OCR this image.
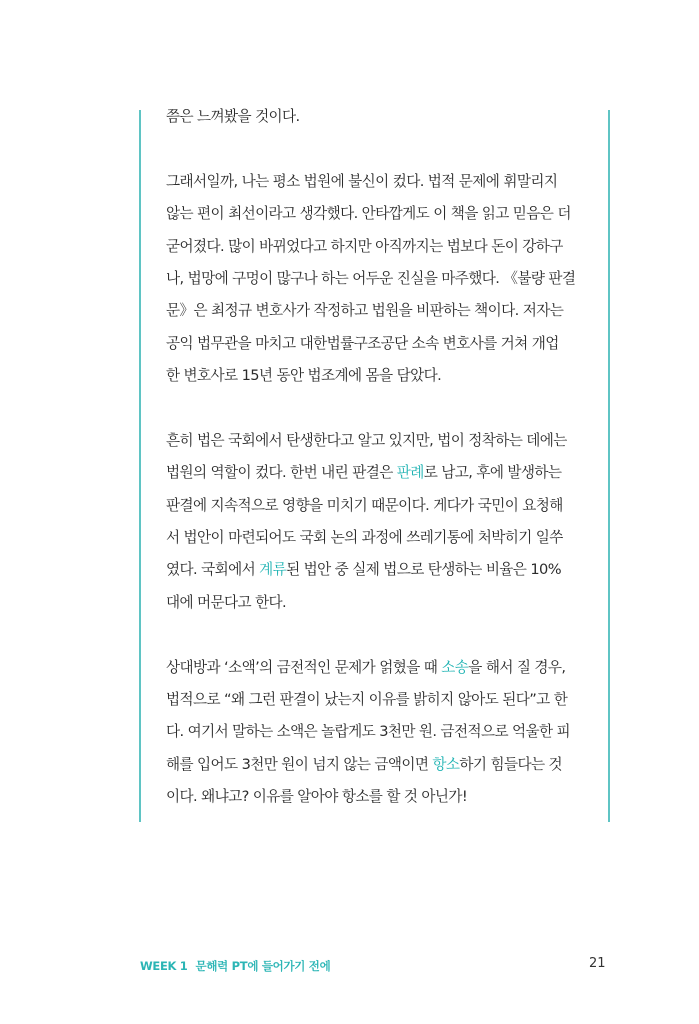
쯤은 느껴봤을 것이다.
그래서일까, 나는 평소 법원에 불신이 컸다. 법적 문제에 휘말리지
않는 편이 최선이라고 생각했다. 안타깝게도 이 책을 읽고 믿음은 더
굳어졌다. 많이 바뀌었다고 하지만 아직까지는 법보다 돈이 강하구
나, 법망에 구멍이 많구나 하는 어두운 진실을 마주했다. 《불량 판결
문》은 최정규 변호사가 작정하고 법원을 비판하는 책이다. 저자는
공익 법무관을 마치고 대한법률구조공단 소속 변호사를 거쳐 개업
한 변호사로 15년 동안 법조계에 몸을 담았다.
흔히 법은 국회에서 탄생한다고 알고 있지만, 법이 정착하는 데에는
법원의 역할이 컸다. 한번 내린 판결은 판례로 남고, 후에 발생하는
판결에 지속적으로 영향을 미치기 때문이다. 게다가 국민이 요청해
서 법안이 마련되어도 국회 논의 과정에 쓰레기통에 처박히기 일쑤
였다. 국회에서 계류된 법안 중 실제 법으로 탄생하는 비율은 10%
대에 머문다고 한다.
상대방과 ‘소액’의 금전적인 문제가 얽혔을 때 소송을 해서 질 경우,
법적으로 “왜 그런 판결이 났는지 이유를 밝히지 않아도 된다”고 한
다. 여기서 말하는 소액은 놀랍게도 3천만 원. 금전적으로 억울한 피
해를 입어도 3천만 원이 넘지 않는 금액이면 항소하기 힘들다는 것
이다. 왜냐고? 이유를 알아야 항소를 할 것 아닌가!
WEEK 1 문해력 PT에 들어가기 전에	21
